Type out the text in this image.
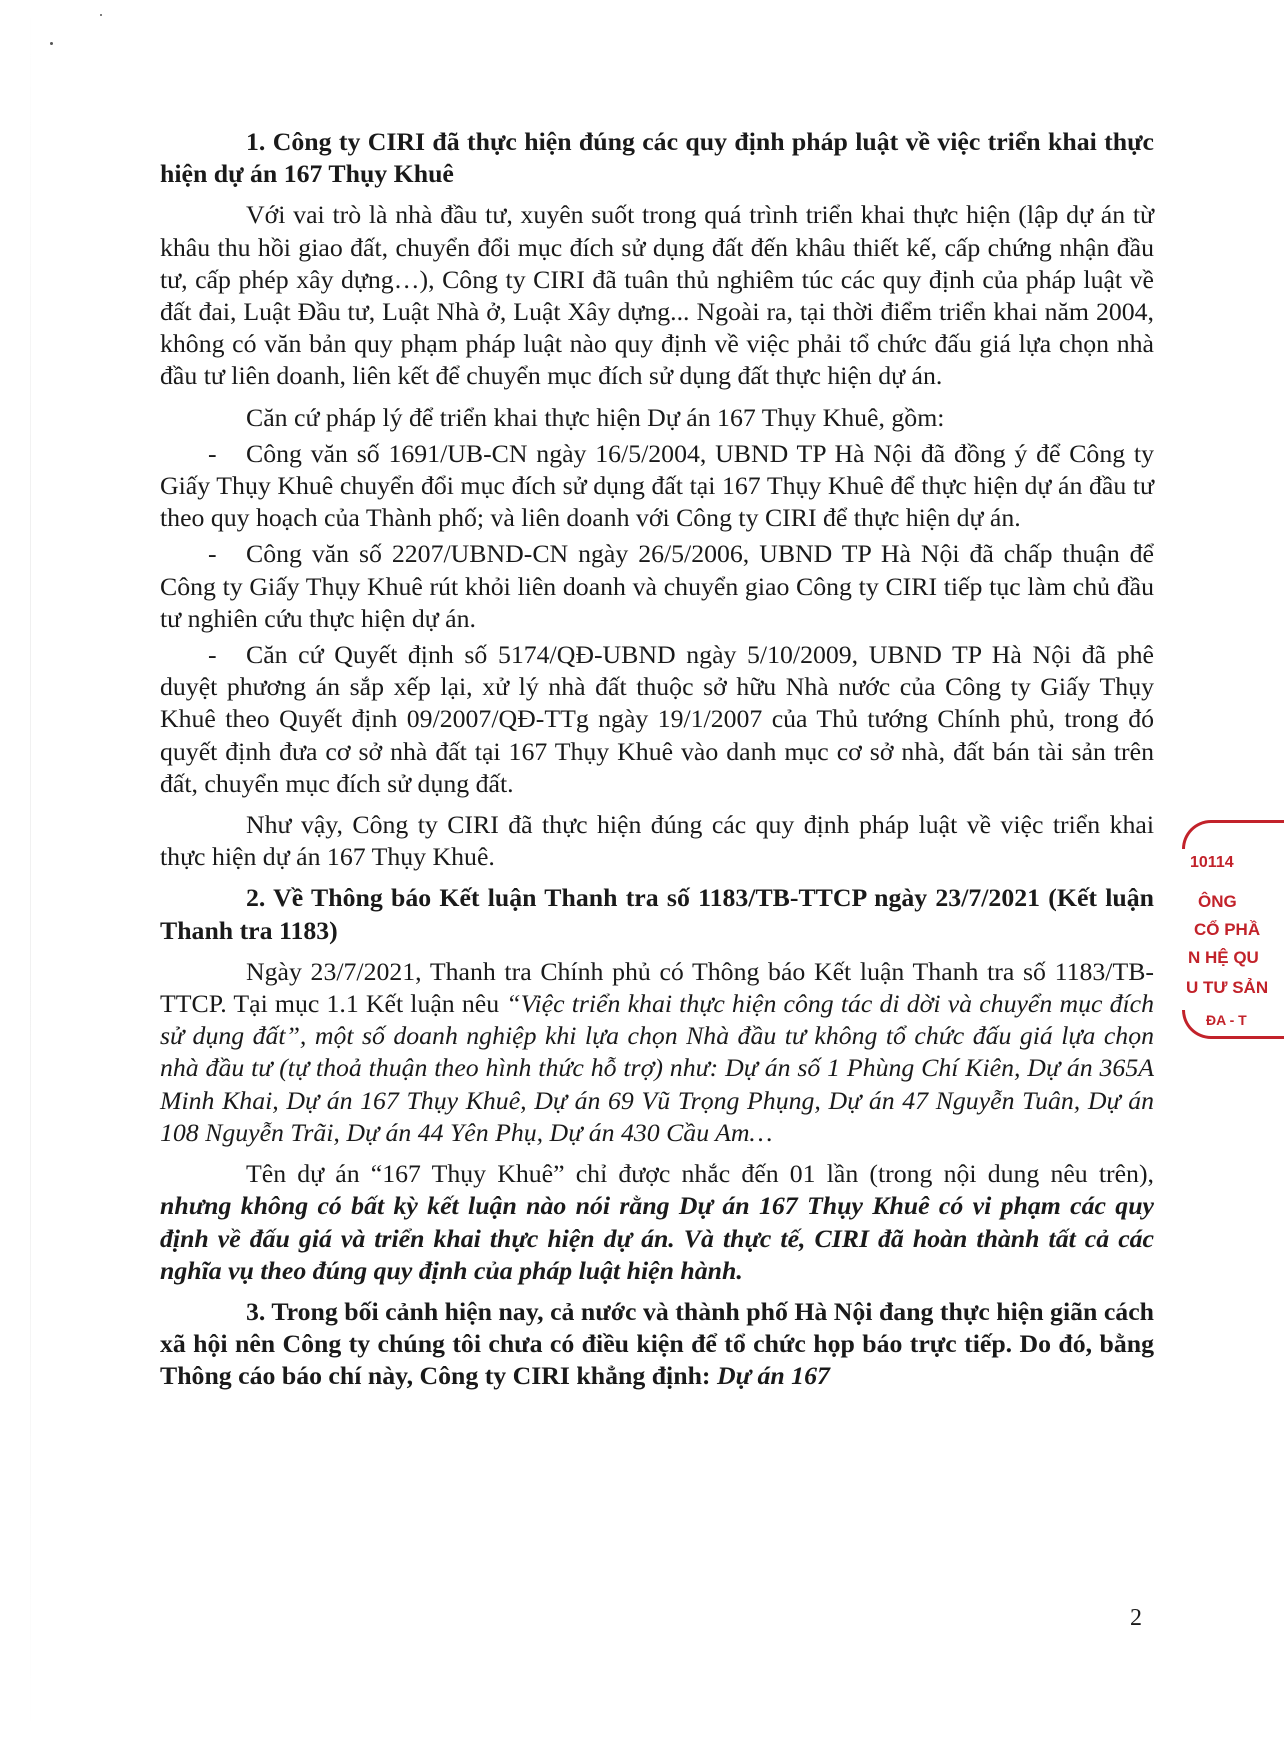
1. Công ty CIRI đã thực hiện đúng các quy định pháp luật về việc triển khai thực hiện dự án 167 Thụy Khuê

Với vai trò là nhà đầu tư, xuyên suốt trong quá trình triển khai thực hiện (lập dự án từ khâu thu hồi giao đất, chuyển đổi mục đích sử dụng đất đến khâu thiết kế, cấp chứng nhận đầu tư, cấp phép xây dựng…), Công ty CIRI đã tuân thủ nghiêm túc các quy định của pháp luật về đất đai, Luật Đầu tư, Luật Nhà ở, Luật Xây dựng... Ngoài ra, tại thời điểm triển khai năm 2004, không có văn bản quy phạm pháp luật nào quy định về việc phải tổ chức đấu giá lựa chọn nhà đầu tư liên doanh, liên kết để chuyển mục đích sử dụng đất thực hiện dự án.

Căn cứ pháp lý để triển khai thực hiện Dự án 167 Thụy Khuê, gồm:

- Công văn số 1691/UB-CN ngày 16/5/2004, UBND TP Hà Nội đã đồng ý để Công ty Giấy Thụy Khuê chuyển đổi mục đích sử dụng đất tại 167 Thụy Khuê để thực hiện dự án đầu tư theo quy hoạch của Thành phố; và liên doanh với Công ty CIRI để thực hiện dự án.

- Công văn số 2207/UBND-CN ngày 26/5/2006, UBND TP Hà Nội đã chấp thuận để Công ty Giấy Thụy Khuê rút khỏi liên doanh và chuyển giao Công ty CIRI tiếp tục làm chủ đầu tư nghiên cứu thực hiện dự án.

- Căn cứ Quyết định số 5174/QĐ-UBND ngày 5/10/2009, UBND TP Hà Nội đã phê duyệt phương án sắp xếp lại, xử lý nhà đất thuộc sở hữu Nhà nước của Công ty Giấy Thụy Khuê theo Quyết định 09/2007/QĐ-TTg ngày 19/1/2007 của Thủ tướng Chính phủ, trong đó quyết định đưa cơ sở nhà đất tại 167 Thụy Khuê vào danh mục cơ sở nhà, đất bán tài sản trên đất, chuyển mục đích sử dụng đất.

Như vậy, Công ty CIRI đã thực hiện đúng các quy định pháp luật về việc triển khai thực hiện dự án 167 Thụy Khuê.

2. Về Thông báo Kết luận Thanh tra số 1183/TB-TTCP ngày 23/7/2021 (Kết luận Thanh tra 1183)

Ngày 23/7/2021, Thanh tra Chính phủ có Thông báo Kết luận Thanh tra số 1183/TB-TTCP. Tại mục 1.1 Kết luận nêu “Việc triển khai thực hiện công tác di dời và chuyển mục đích sử dụng đất”, một số doanh nghiệp khi lựa chọn Nhà đầu tư không tổ chức đấu giá lựa chọn nhà đầu tư (tự thoả thuận theo hình thức hỗ trợ) như: Dự án số 1 Phùng Chí Kiên, Dự án 365A Minh Khai, Dự án 167 Thụy Khuê, Dự án 69 Vũ Trọng Phụng, Dự án 47 Nguyễn Tuân, Dự án 108 Nguyễn Trãi, Dự án 44 Yên Phụ, Dự án 430 Cầu Am…

Tên dự án “167 Thụy Khuê” chỉ được nhắc đến 01 lần (trong nội dung nêu trên), nhưng không có bất kỳ kết luận nào nói rằng Dự án 167 Thụy Khuê có vi phạm các quy định về đấu giá và triển khai thực hiện dự án. Và thực tế, CIRI đã hoàn thành tất cả các nghĩa vụ theo đúng quy định của pháp luật hiện hành.

3. Trong bối cảnh hiện nay, cả nước và thành phố Hà Nội đang thực hiện giãn cách xã hội nên Công ty chúng tôi chưa có điều kiện để tổ chức họp báo trực tiếp. Do đó, bằng Thông cáo báo chí này, Công ty CIRI khẳng định: Dự án 167

10114
ÔNG
CỔ PHẦ
N HỆ QU
U TƯ SẢN
ĐA - T
2
